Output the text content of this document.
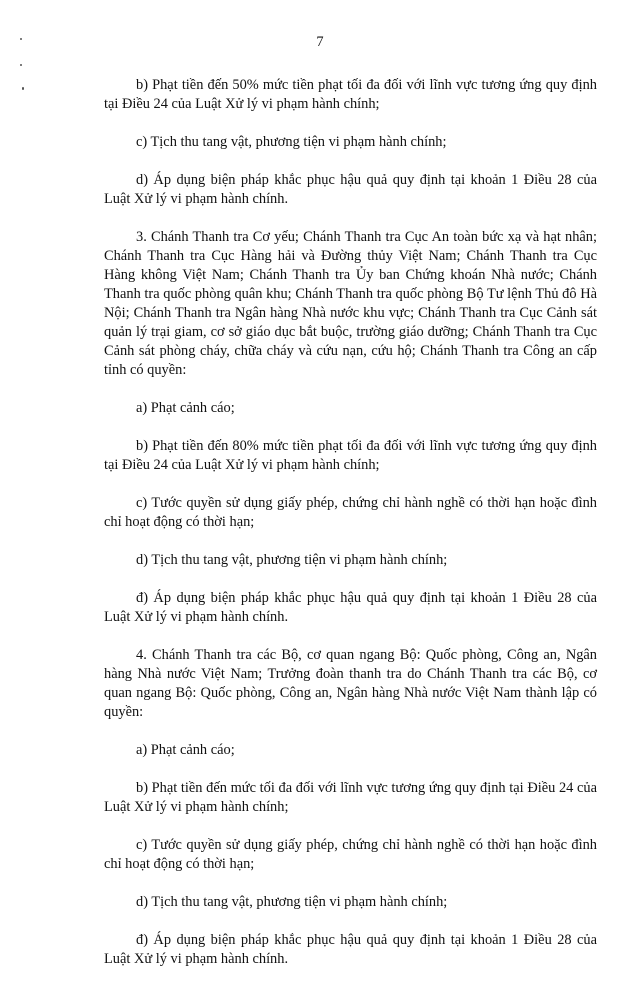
7

b) Phạt tiền đến 50% mức tiền phạt tối đa đối với lĩnh vực tương ứng quy định tại Điều 24 của Luật Xử lý vi phạm hành chính;

c) Tịch thu tang vật, phương tiện vi phạm hành chính;

d) Áp dụng biện pháp khắc phục hậu quả quy định tại khoản 1 Điều 28 của Luật Xử lý vi phạm hành chính.

3. Chánh Thanh tra Cơ yếu; Chánh Thanh tra Cục An toàn bức xạ và hạt nhân; Chánh Thanh tra Cục Hàng hải và Đường thủy Việt Nam; Chánh Thanh tra Cục Hàng không Việt Nam; Chánh Thanh tra Ủy ban Chứng khoán Nhà nước; Chánh Thanh tra quốc phòng quân khu; Chánh Thanh tra quốc phòng Bộ Tư lệnh Thủ đô Hà Nội; Chánh Thanh tra Ngân hàng Nhà nước khu vực; Chánh Thanh tra Cục Cảnh sát quản lý trại giam, cơ sở giáo dục bắt buộc, trường giáo dưỡng; Chánh Thanh tra Cục Cảnh sát phòng cháy, chữa cháy và cứu nạn, cứu hộ; Chánh Thanh tra Công an cấp tỉnh có quyền:

a) Phạt cảnh cáo;

b) Phạt tiền đến 80% mức tiền phạt tối đa đối với lĩnh vực tương ứng quy định tại Điều 24 của Luật Xử lý vi phạm hành chính;

c) Tước quyền sử dụng giấy phép, chứng chỉ hành nghề có thời hạn hoặc đình chỉ hoạt động có thời hạn;

d) Tịch thu tang vật, phương tiện vi phạm hành chính;

đ) Áp dụng biện pháp khắc phục hậu quả quy định tại khoản 1 Điều 28 của Luật Xử lý vi phạm hành chính.

4. Chánh Thanh tra các Bộ, cơ quan ngang Bộ: Quốc phòng, Công an, Ngân hàng Nhà nước Việt Nam; Trưởng đoàn thanh tra do Chánh Thanh tra các Bộ, cơ quan ngang Bộ: Quốc phòng, Công an, Ngân hàng Nhà nước Việt Nam thành lập có quyền:

a) Phạt cảnh cáo;

b) Phạt tiền đến mức tối đa đối với lĩnh vực tương ứng quy định tại Điều 24 của Luật Xử lý vi phạm hành chính;

c) Tước quyền sử dụng giấy phép, chứng chỉ hành nghề có thời hạn hoặc đình chỉ hoạt động có thời hạn;

d) Tịch thu tang vật, phương tiện vi phạm hành chính;

đ) Áp dụng biện pháp khắc phục hậu quả quy định tại khoản 1 Điều 28 của Luật Xử lý vi phạm hành chính.
